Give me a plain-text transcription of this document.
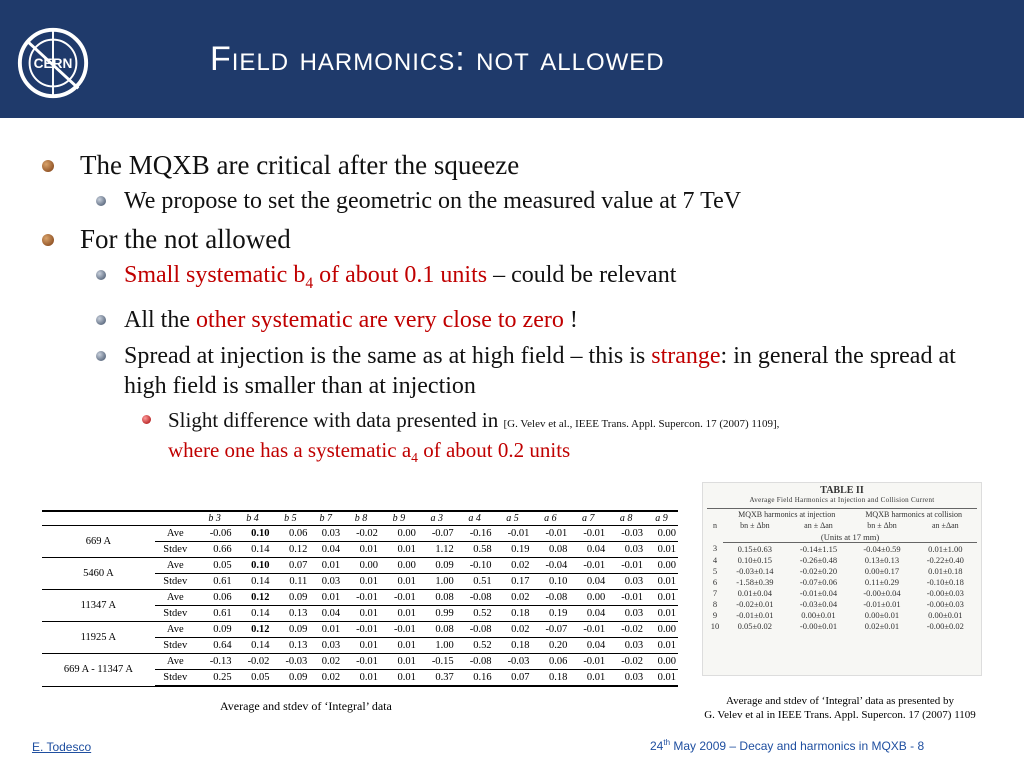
CERN	Field harmonics: not allowed
The MQXB are critical after the squeeze
We propose to set the geometric on the measured value at 7 TeV
For the not allowed
Small systematic $b_4$ of about 0.1 units – could be relevant
All the other systematic are very close to zero !
Spread at injection is the same as at high field – this is strange: in general the spread at high field is smaller than at injection
Slight difference with data presented in [G. Velev et al., IEEE Trans. Appl. Supercon. 17 (2007) 1109],
where one has a systematic $a_4$ of about 0.2 units
		b 3	b 4	b 5	b 7	b 8	b 9	a 3	a 4	a 5	a 6	a 7	a 8	a 9
669 A	Ave	-0.06	0.10	0.06	0.03	-0.02	0.00	-0.07	-0.16	-0.01	-0.01	-0.01	-0.03	0.00
	Stdev	0.66	0.14	0.12	0.04	0.01	0.01	1.12	0.58	0.19	0.08	0.04	0.03	0.01
5460 A	Ave	0.05	0.10	0.07	0.01	0.00	0.00	0.09	-0.10	0.02	-0.04	-0.01	-0.01	0.00
	Stdev	0.61	0.14	0.11	0.03	0.01	0.01	1.00	0.51	0.17	0.10	0.04	0.03	0.01
11347 A	Ave	0.06	0.12	0.09	0.01	-0.01	-0.01	0.08	-0.08	0.02	-0.08	0.00	-0.01	0.01
	Stdev	0.61	0.14	0.13	0.04	0.01	0.01	0.99	0.52	0.18	0.19	0.04	0.03	0.01
11925 A	Ave	0.09	0.12	0.09	0.01	-0.01	-0.01	0.08	-0.08	0.02	-0.07	-0.01	-0.02	0.00
	Stdev	0.64	0.14	0.13	0.03	0.01	0.01	1.00	0.52	0.18	0.20	0.04	0.03	0.01
669 A - 11347 A	Ave	-0.13	-0.02	-0.03	0.02	-0.01	0.01	-0.15	-0.08	-0.03	0.06	-0.01	-0.02	0.00
	Stdev	0.25	0.05	0.09	0.02	0.01	0.01	0.37	0.16	0.07	0.18	0.01	0.03	0.01
Average and stdev of ‘Integral’ data
TABLE II
Average Field Harmonics at Injection and Collision Current
n	MQXB harmonics at injection		MQXB harmonics at collision	
	bn ± Δbn	an ± Δan	bn ± Δbn	an ±Δan
	(Units at 17 mm)			
3	0.15±0.63	-0.14±1.15	-0.04±0.59	0.01±1.00
4	0.10±0.15	-0.26±0.48	0.13±0.13	-0.22±0.40
5	-0.03±0.14	-0.02±0.20	0.00±0.17	0.01±0.18
6	-1.58±0.39	-0.07±0.06	0.11±0.29	-0.10±0.18
7	0.01±0.04	-0.01±0.04	-0.00±0.04	-0.00±0.03
8	-0.02±0.01	-0.03±0.04	-0.01±0.01	-0.00±0.03
9	-0.01±0.01	0.00±0.01	0.00±0.01	0.00±0.01
10	0.05±0.02	-0.00±0.01	0.02±0.01	-0.00±0.02
Average and stdev of ‘Integral’ data as presented by
G. Velev et al in IEEE Trans. Appl. Supercon. 17 (2007) 1109
E. Todesco	24th May 2009 – Decay and harmonics in MQXB - 8
